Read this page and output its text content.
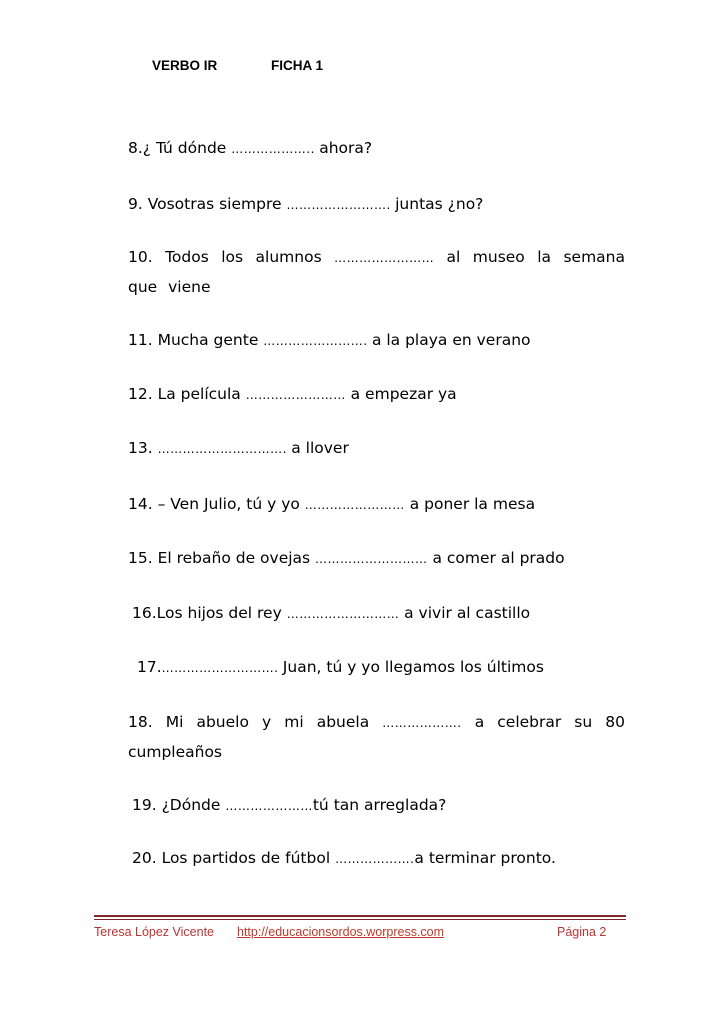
VERBO IR	FICHA 1
8.¿ Tú dónde ……………….. ahora?
9. Vosotras siempre ……………………. juntas ¿no?
10. Todos los alumnos …………………… al museo la semana que viene
11. Mucha gente ……………………. a la playa en verano
12. La película …………………… a empezar ya
13. …………………………. a llover
14. – Ven Julio, tú y yo …………………… a poner la mesa
15. El rebaño de ovejas ……………………… a comer al prado
16.Los hijos del rey ……………………… a vivir al castillo
17.………………………. Juan, tú y yo llegamos los últimos
18. Mi abuelo y mi abuela ………………. a celebrar su 80 cumpleaños
19. ¿Dónde …………………tú tan arreglada?
20. Los partidos de fútbol ……………….a terminar pronto.
Teresa López Vicente http://educacionsordos.worpress.com	Página 2
